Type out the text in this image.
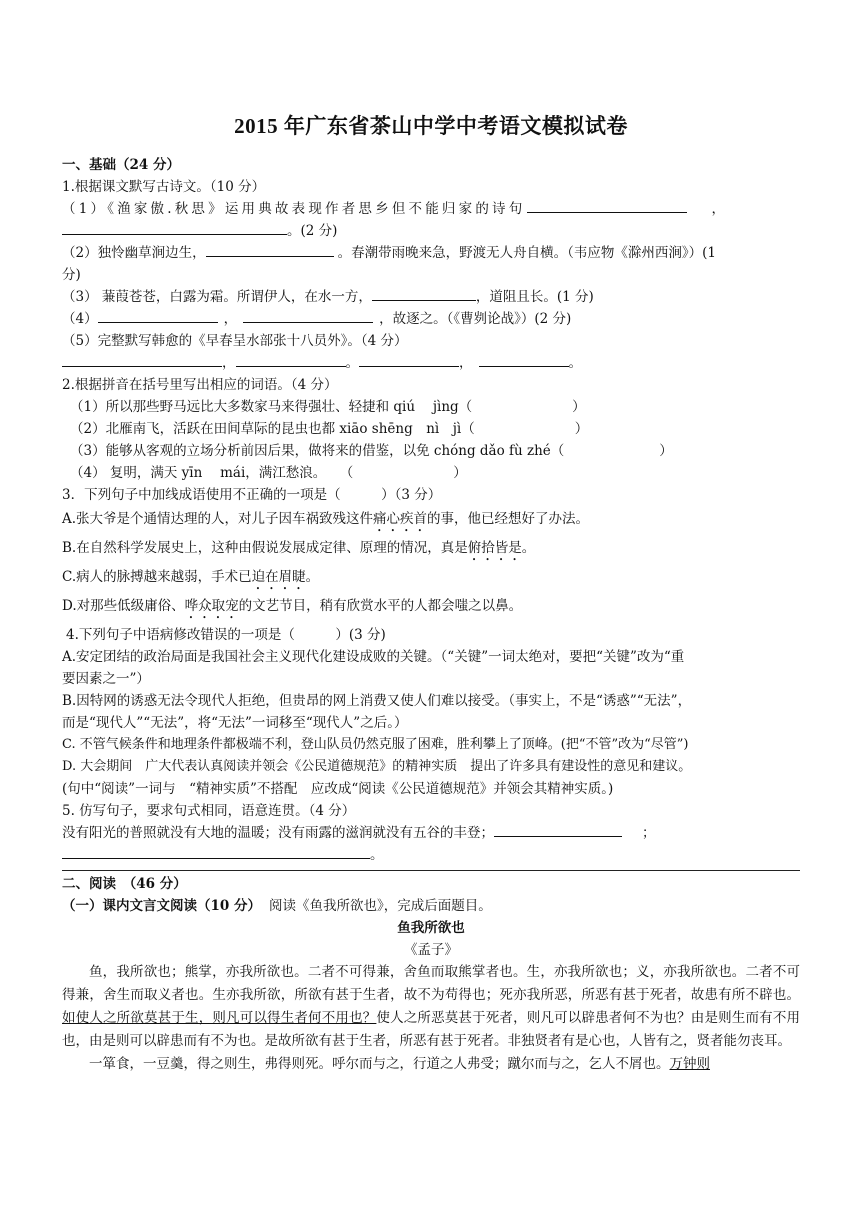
2015 年广东省茶山中学中考语文模拟试卷

一、基础（24 分）

1.根据课文默写古诗文。（10 分）

（1）《渔家傲.秋思》运用典故表现作者思乡但不能归家的诗句	，

。(2 分)

（2）独怜幽草涧边生，	。春潮带雨晚来急，野渡无人舟自横。（韦应物《滁州西涧》）(1

分)

（3） 蒹葭苍苍，白露为霜。所谓伊人，在水一方，	，道阻且长。(1 分)

（4）	，	，故逐之。（《曹刿论战》）(2 分)

（5）完整默写韩愈的《早春呈水部张十八员外》。（4 分）

，	。	，	。

2.根据拼音在括号里写出相应的词语。（4 分）

（1）所以那些野马远比大多数家马来得强壮、轻捷和 qiú　 jìng（	）

（2）北雁南飞，活跃在田间草际的昆虫也都 xiāo shēng　nì　jì（	）

（3）能够从客观的立场分析前因后果，做将来的借鉴，以免 chóng dǎo fù zhé（	）

（4） 复明，满天 yīn　 mái，满江愁浪。　　（	）

3．下列句子中加线成语使用不正确的一项是（　　　）（3 分）

A.张大爷是个通情达理的人，对儿子因车祸致残这件痛心疾首的事，他已经想好了办法。

B.在自然科学发展史上，这种由假说发展成定律、原理的情况，真是俯拾皆是。

C.病人的脉搏越来越弱，手术已迫在眉睫。

D.对那些低级庸俗、哗众取宠的文艺节目，稍有欣赏水平的人都会嗤之以鼻。

4.下列句子中语病修改错误的一项是（　　　）(3 分)

A.安定团结的政治局面是我国社会主义现代化建设成败的关键。（“关键”一词太绝对，要把“关键”改为“重

要因素之一”）

B.因特网的诱惑无法令现代人拒绝，但贵昂的网上消费又使人们难以接受。（事实上，不是“诱惑”“无法”，

而是“现代人”“无法”，将“无法”一词移至“现代人”之后。）

C. 不管气候条件和地理条件都极端不利，登山队员仍然克服了困难，胜利攀上了顶峰。(把“不管”改为“尽管”)

D. 大会期间　广大代表认真阅读并领会《公民道德规范》的精神实质　提出了许多具有建设性的意见和建议。

(句中“阅读”一词与　“精神实质”不搭配　应改成“阅读《公民道德规范》并领会其精神实质。)

5. 仿写句子，要求句式相同，语意连贯。（4 分）

没有阳光的普照就没有大地的温暖；没有雨露的滋润就没有五谷的丰登；	；

。

二、阅读　（46 分）

（一）课内文言文阅读（10 分） 阅读《鱼我所欲也》，完成后面题目。

鱼我所欲也

《孟子》

鱼，我所欲也；熊掌，亦我所欲也。二者不可得兼，舍鱼而取熊掌者也。生，亦我所欲也；义，亦我所欲也。二者不可得兼，舍生而取义者也。生亦我所欲，所欲有甚于生者，故不为苟得也；死亦我所恶，所恶有甚于死者，故患有所不辟也。如使人之所欲莫甚于生，则凡可以得生者何不用也？使人之所恶莫甚于死者，则凡可以辟患者何不为也？由是则生而有不用也，由是则可以辟患而有不为也。是故所欲有甚于生者，所恶有甚于死者。非独贤者有是心也，人皆有之，贤者能勿丧耳。

一箪食，一豆羹，得之则生，弗得则死。呼尔而与之，行道之人弗受；蹴尔而与之，乞人不屑也。万钟则
